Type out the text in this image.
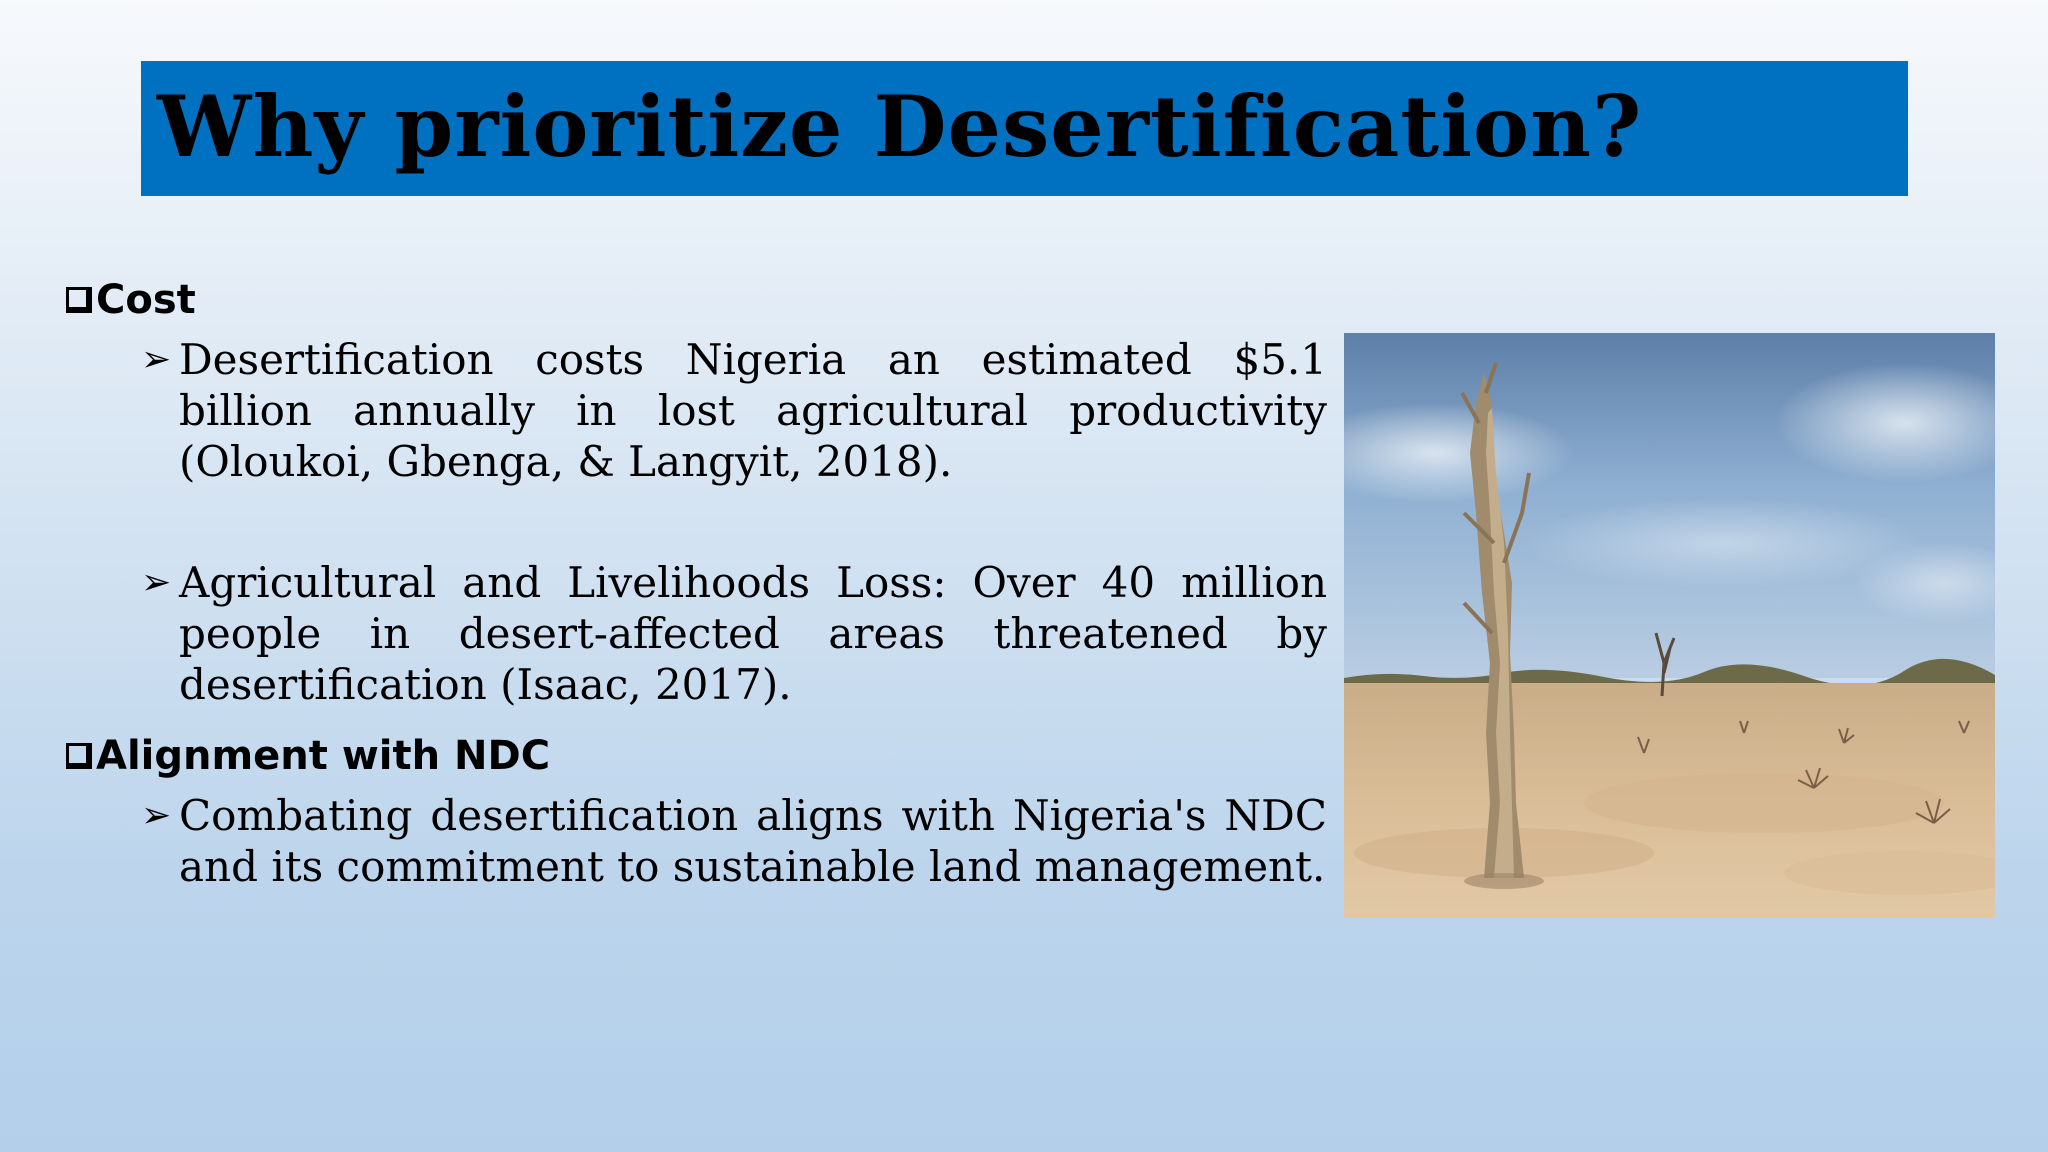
Why prioritize Desertification?
Cost
➢ Desertification costs Nigeria an estimated $5.1 billion annually in lost agricultural productivity (Oloukoi, Gbenga, & Langyit, 2018).
➢ Agricultural and Livelihoods Loss: Over 40 million people in desert-affected areas threatened by desertification (Isaac, 2017).
Alignment with NDC
➢ Combating desertification aligns with Nigeria's NDC and its commitment to sustainable land management.
